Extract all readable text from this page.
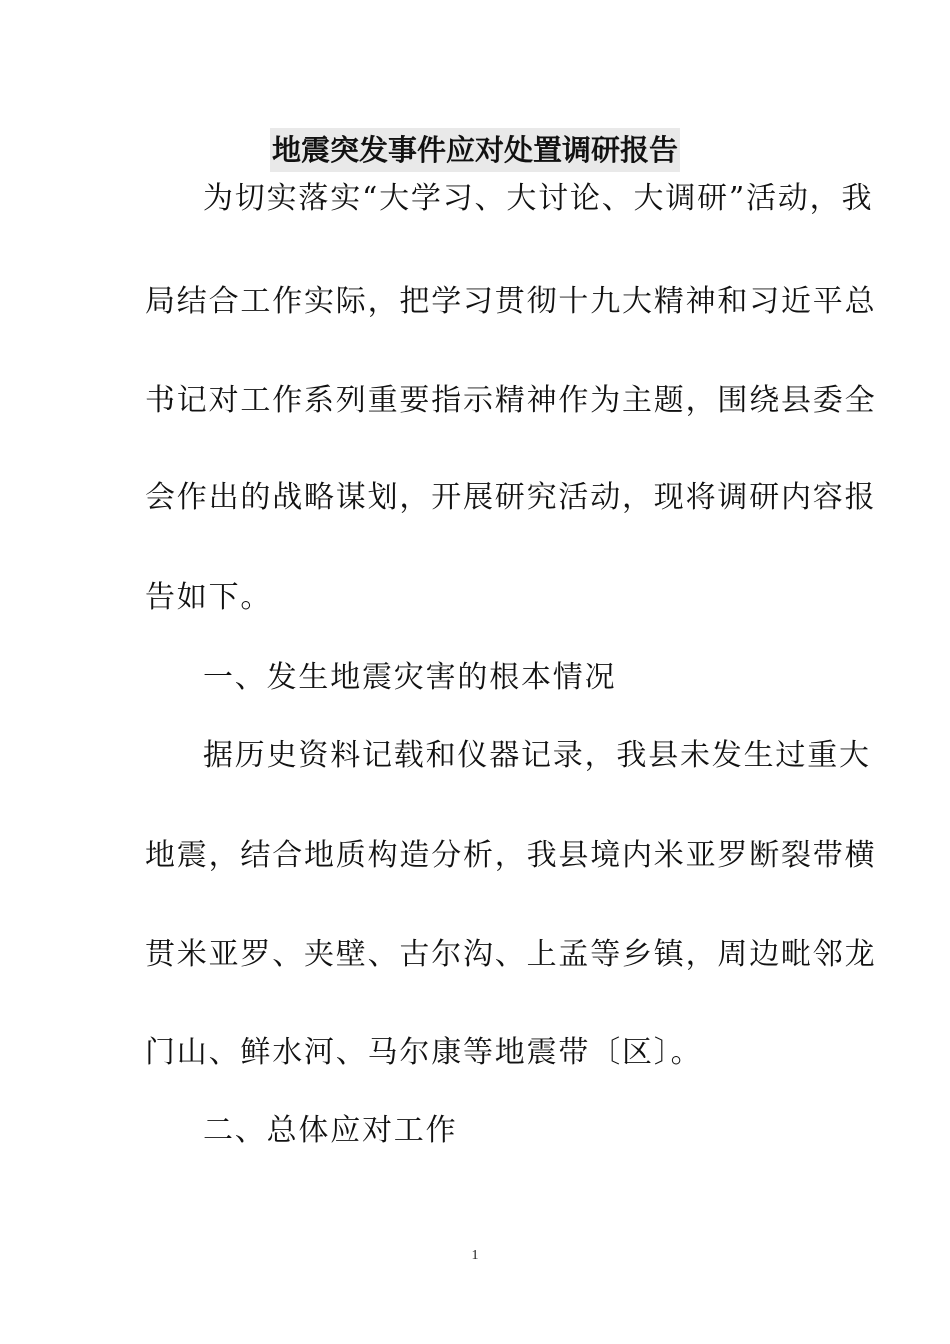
地震突发事件应对处置调研报告
为切实落实“大学习、大讨论、大调研”活动，我
局结合工作实际，把学习贯彻十九大精神和习近平总
书记对工作系列重要指示精神作为主题，围绕县委全
会作出的战略谋划，开展研究活动，现将调研内容报
告如下。
一、发生地震灾害的根本情况
据历史资料记载和仪器记录，我县未发生过重大
地震，结合地质构造分析，我县境内米亚罗断裂带横
贯米亚罗、夹壁、古尔沟、上孟等乡镇，周边毗邻龙
门山、鲜水河、马尔康等地震带〔区〕。
二、总体应对工作
1
